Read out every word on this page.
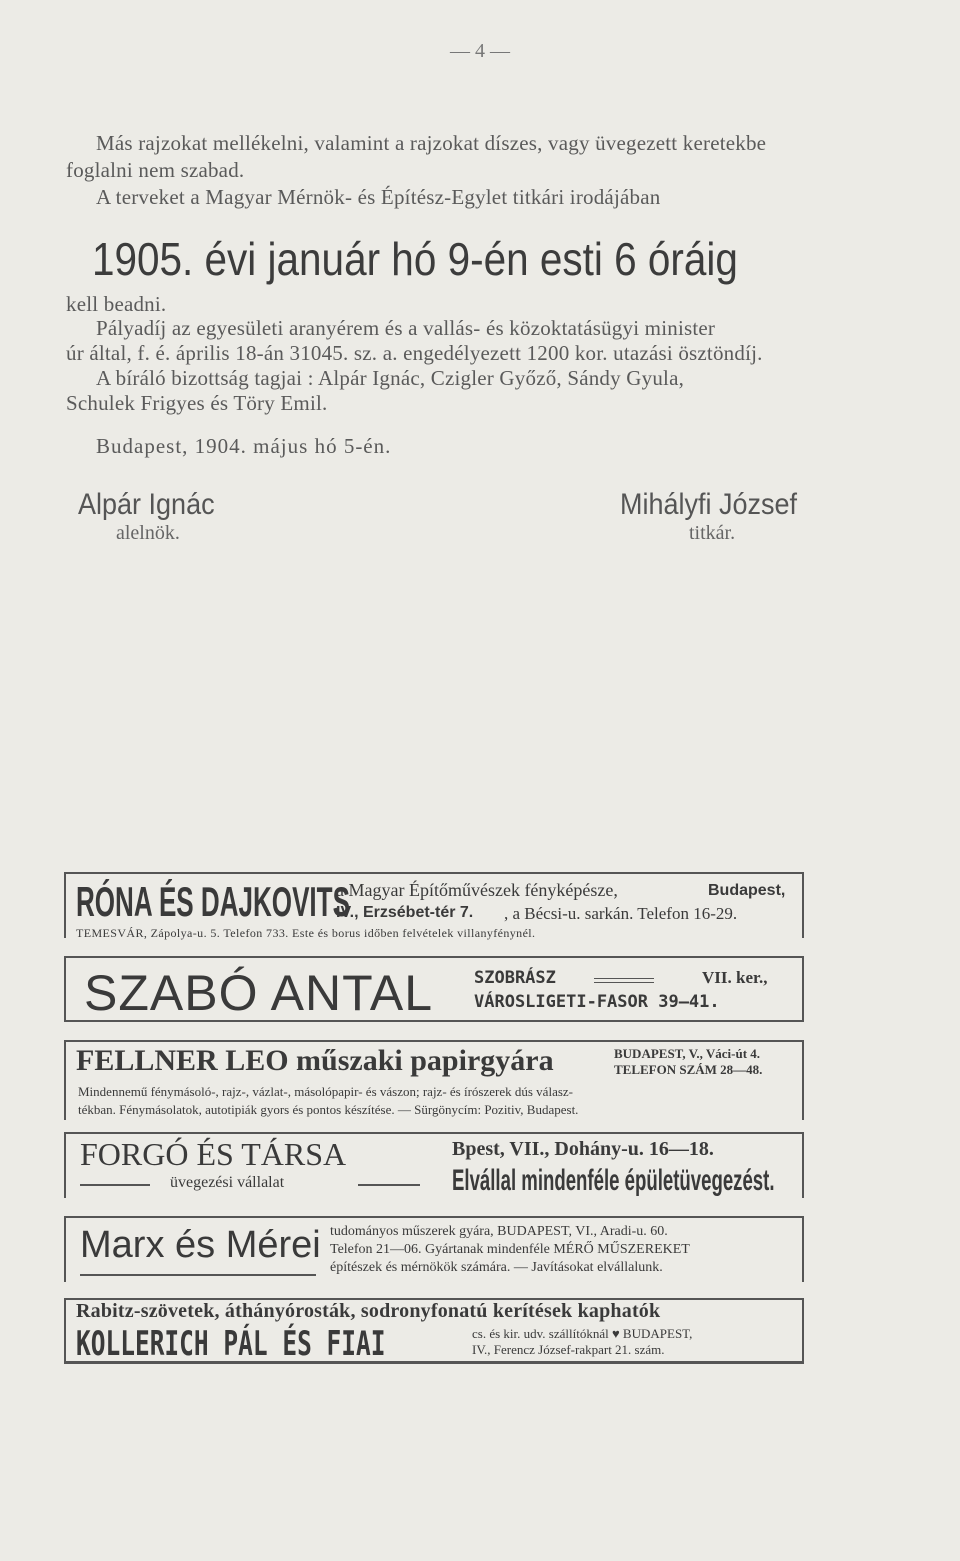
— 4 —
Más rajzokat mellékelni, valamint a rajzokat díszes, vagy üvegezett keretekbe
foglalni nem szabad.
A terveket a Magyar Mérnök- és Építész-Egylet titkári irodájában
1905. évi január hó 9-én esti 6 óráig
kell beadni.
Pályadíj az egyesületi aranyérem és a vallás- és közoktatásügyi minister
úr által, f. é. április 18-án 31045. sz. a. engedélyezett 1200 kor. utazási ösztöndíj.
A bíráló bizottság tagjai : Alpár Ignác, Czigler Győző, Sándy Gyula,
Schulek Frigyes és Töry Emil.
Budapest, 1904. május hó 5-én.
Alpár Ignác
alelnök.
Mihályfi József
titkár.
RÓNA ÉS DAJKOVITS
a Magyar Építőművészek fényképésze,	Budapest,
IV., Erzsébet-tér 7. , a Bécsi-u. sarkán. Telefon 16-29.
TEMESVÁR, Zápolya-u. 5. Telefon 733. Este és borus időben felvételek villanyfénynél.
SZABÓ ANTAL SZOBRÁSZ	VII. ker.,
VÁROSLIGETI-FASOR 39—41.
FELLNER LEO műszaki papirgyára	BUDAPEST, V., Váci-út 4.
TELEFON SZÁM 28—48.
Mindennemű fénymásoló-, rajz-, vázlat-, másolópapir- és vászon; rajz- és írószerek dús válasz-
tékban. Fénymásolatok, autotipiák gyors és pontos készítése. — Sürgönycím: Pozitiv, Budapest.
FORGÓ ÉS TÁRSA
üvegezési vállalat
Bpest, VII., Dohány-u. 16—18.
Elvállal mindenféle épületüvegezést.
Marx és Mérei tudományos műszerek gyára, BUDAPEST, VI., Aradi-u. 60.
Telefon 21—06. Gyártanak mindenféle MÉRŐ MŰSZEREKET
építészek és mérnökök számára. — Javításokat elvállalunk.
Rabitz-szövetek, áthányórosták, sodronyfonatú kerítések kaphatók
KOLLERICH PÁL ÉS FIAI	cs. és kir. udv. szállítóknál ♥ BUDAPEST,
IV., Ferencz József-rakpart 21. szám.
